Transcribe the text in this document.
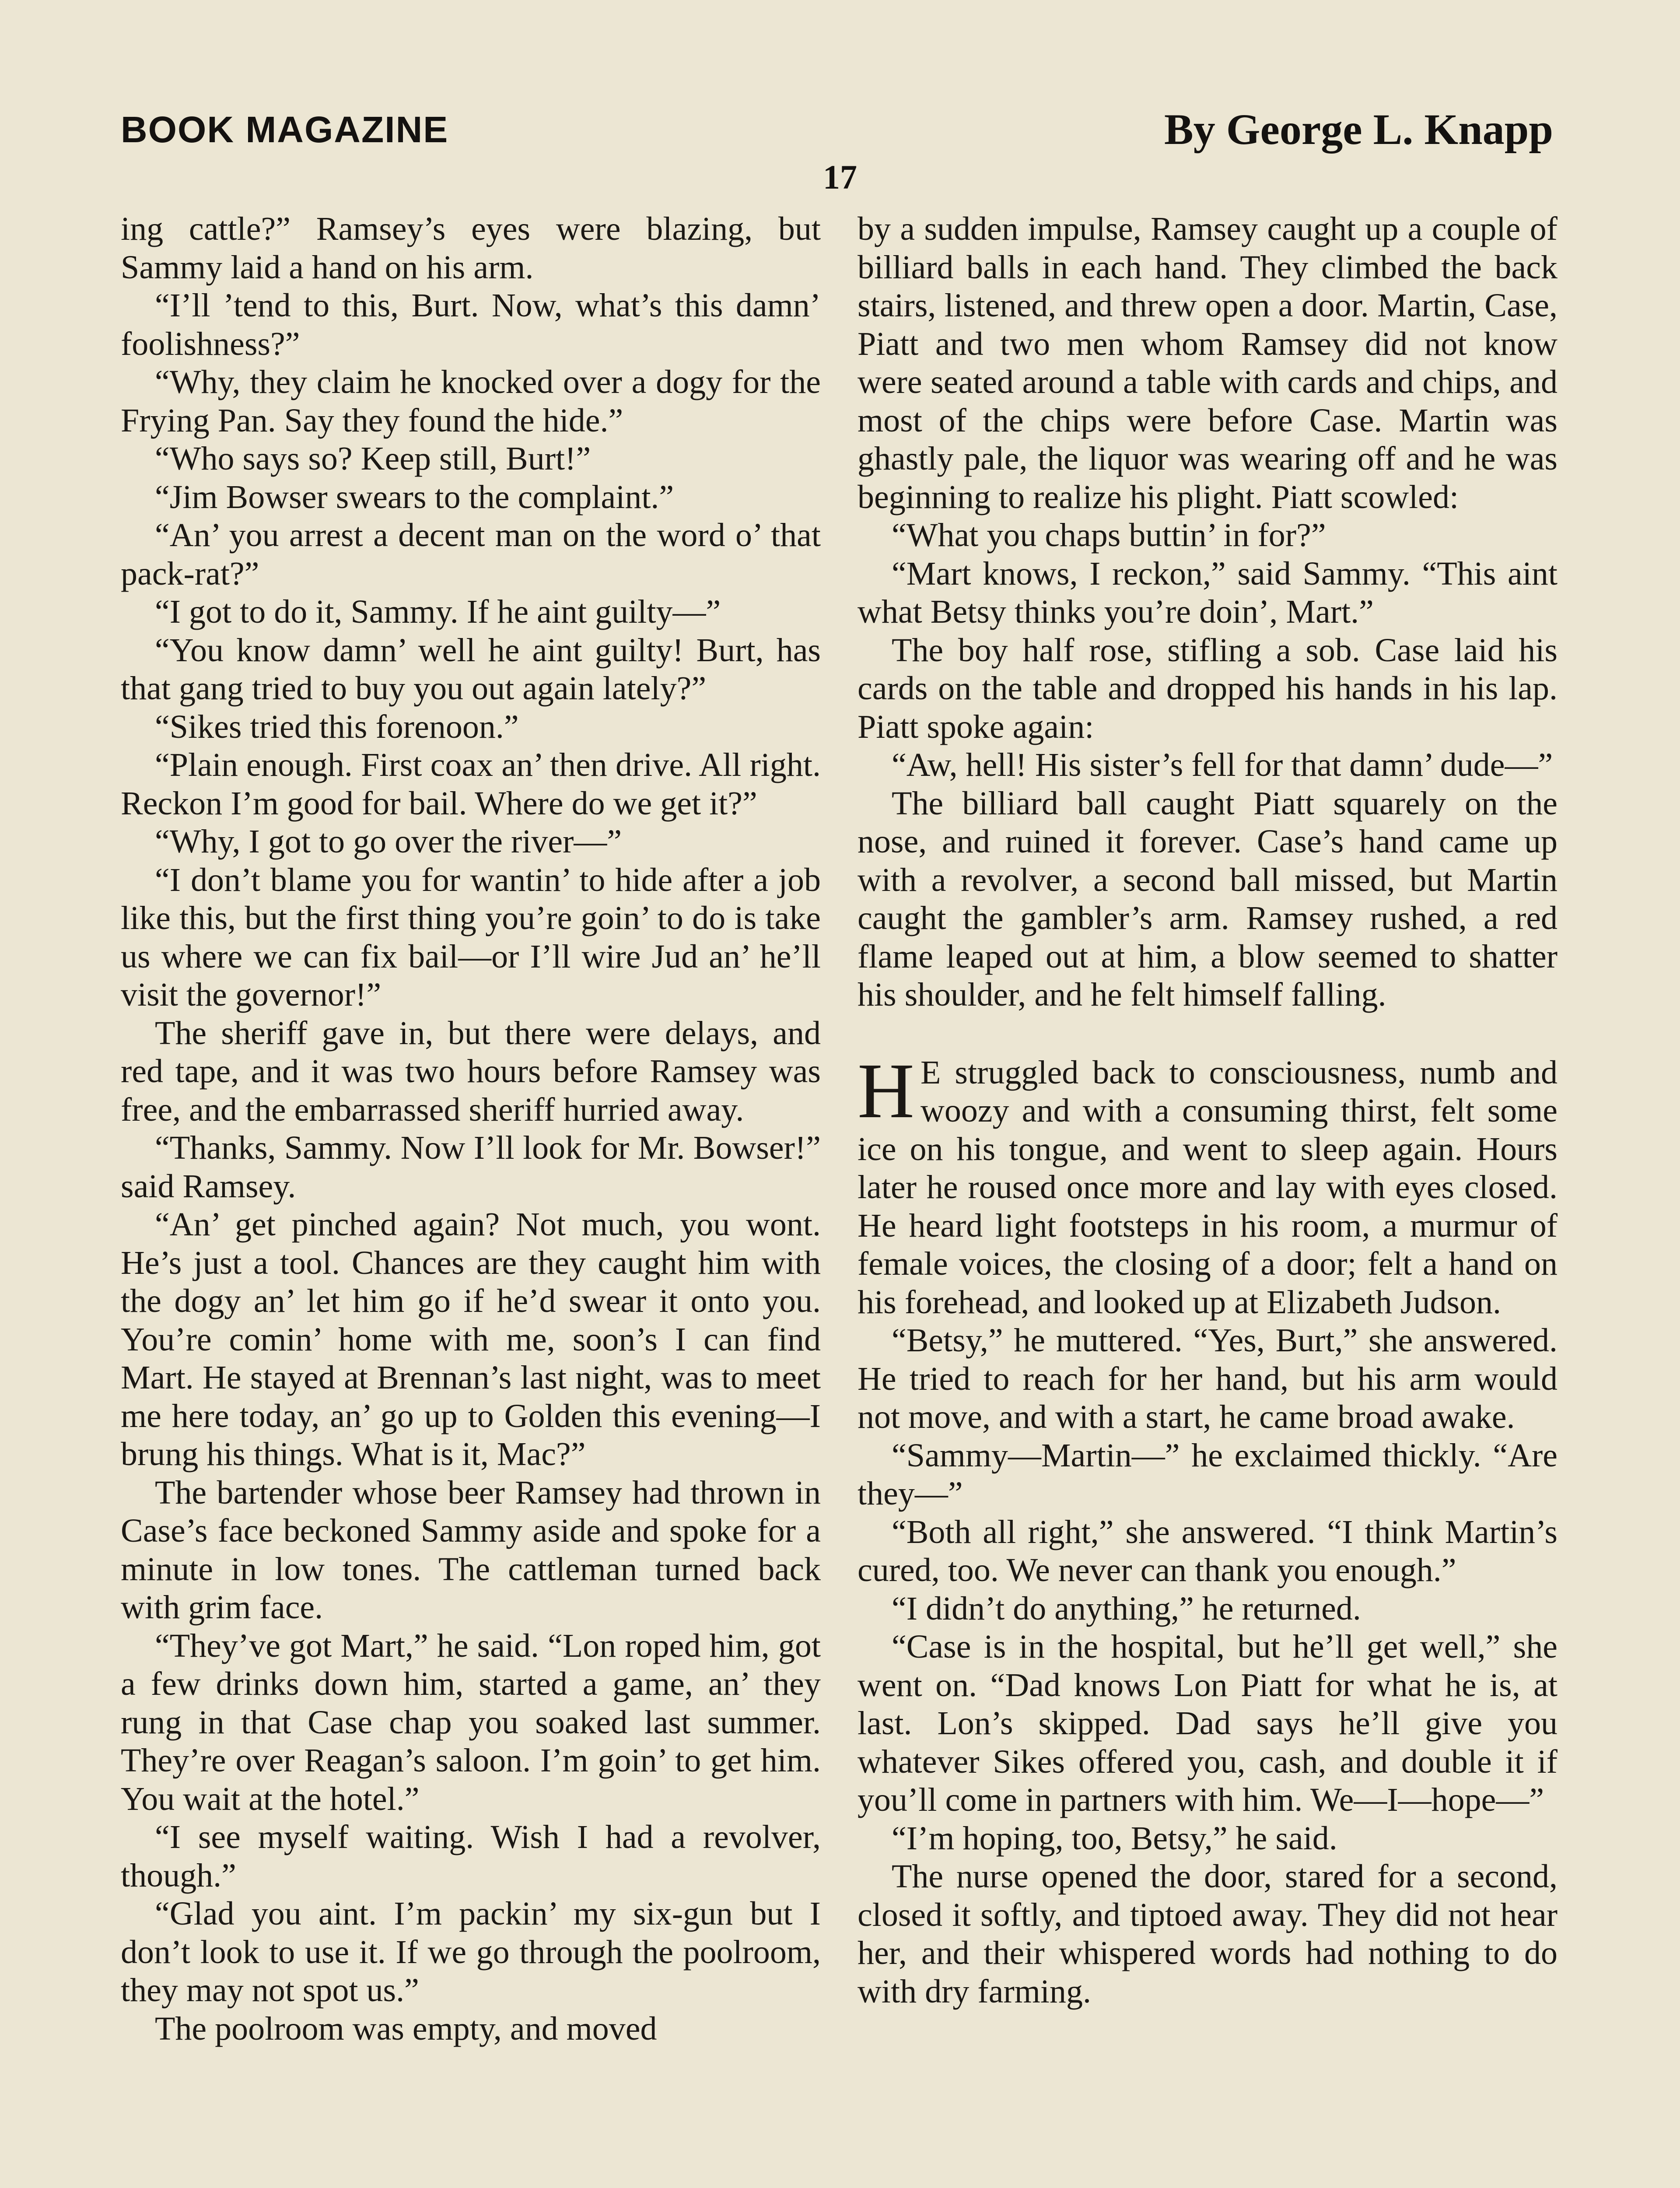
BOOK MAGAZINE	By George L. Knapp
17

ing cattle?” Ramsey’s eyes were blazing, but Sammy laid a hand on his arm.

“I’ll ’tend to this, Burt. Now, what’s this damn’ foolishness?”

“Why, they claim he knocked over a dogy for the Frying Pan. Say they found the hide.”

“Who says so? Keep still, Burt!”

“Jim Bowser swears to the complaint.”

“An’ you arrest a decent man on the word o’ that pack-rat?”

“I got to do it, Sammy. If he aint guilty—”

“You know damn’ well he aint guilty! Burt, has that gang tried to buy you out again lately?”

“Sikes tried this forenoon.”

“Plain enough. First coax an’ then drive. All right. Reckon I’m good for bail. Where do we get it?”

“Why, I got to go over the river—”

“I don’t blame you for wantin’ to hide after a job like this, but the first thing you’re goin’ to do is take us where we can fix bail—or I’ll wire Jud an’ he’ll visit the governor!”

The sheriff gave in, but there were delays, and red tape, and it was two hours before Ramsey was free, and the embarrassed sheriff hurried away.

“Thanks, Sammy. Now I’ll look for Mr. Bowser!” said Ramsey.

“An’ get pinched again? Not much, you wont. He’s just a tool. Chances are they caught him with the dogy an’ let him go if he’d swear it onto you. You’re comin’ home with me, soon’s I can find Mart. He stayed at Brennan’s last night, was to meet me here today, an’ go up to Golden this evening—I brung his things. What is it, Mac?”

The bartender whose beer Ramsey had thrown in Case’s face beckoned Sammy aside and spoke for a minute in low tones. The cattleman turned back with grim face.

“They’ve got Mart,” he said. “Lon roped him, got a few drinks down him, started a game, an’ they rung in that Case chap you soaked last summer. They’re over Reagan’s saloon. I’m goin’ to get him. You wait at the hotel.”

“I see myself waiting. Wish I had a revolver, though.”

“Glad you aint. I’m packin’ my six-gun but I don’t look to use it. If we go through the poolroom, they may not spot us.”

The poolroom was empty, and moved

by a sudden impulse, Ramsey caught up a couple of billiard balls in each hand. They climbed the back stairs, listened, and threw open a door. Martin, Case, Piatt and two men whom Ramsey did not know were seated around a table with cards and chips, and most of the chips were before Case. Martin was ghastly pale, the liquor was wearing off and he was beginning to realize his plight. Piatt scowled:

“What you chaps buttin’ in for?”

“Mart knows, I reckon,” said Sammy. “This aint what Betsy thinks you’re doin’, Mart.”

The boy half rose, stifling a sob. Case laid his cards on the table and dropped his hands in his lap. Piatt spoke again:

“Aw, hell! His sister’s fell for that damn’ dude—”

The billiard ball caught Piatt squarely on the nose, and ruined it forever. Case’s hand came up with a revolver, a second ball missed, but Martin caught the gambler’s arm. Ramsey rushed, a red flame leaped out at him, a blow seemed to shatter his shoulder, and he felt himself falling.

H E struggled back to consciousness, numb and woozy and with a consuming thirst, felt some ice on his tongue, and went to sleep again. Hours later he roused once more and lay with eyes closed. He heard light footsteps in his room, a murmur of female voices, the closing of a door; felt a hand on his forehead, and looked up at Elizabeth Judson.

“Betsy,” he muttered. “Yes, Burt,” she answered. He tried to reach for her hand, but his arm would not move, and with a start, he came broad awake.

“Sammy—Martin—” he exclaimed thickly. “Are they—”

“Both all right,” she answered. “I think Martin’s cured, too. We never can thank you enough.”

“I didn’t do anything,” he returned.

“Case is in the hospital, but he’ll get well,” she went on. “Dad knows Lon Piatt for what he is, at last. Lon’s skipped. Dad says he’ll give you whatever Sikes offered you, cash, and double it if you’ll come in partners with him. We—I—hope—”

“I’m hoping, too, Betsy,” he said.

The nurse opened the door, stared for a second, closed it softly, and tiptoed away. They did not hear her, and their whispered words had nothing to do with dry farming.
